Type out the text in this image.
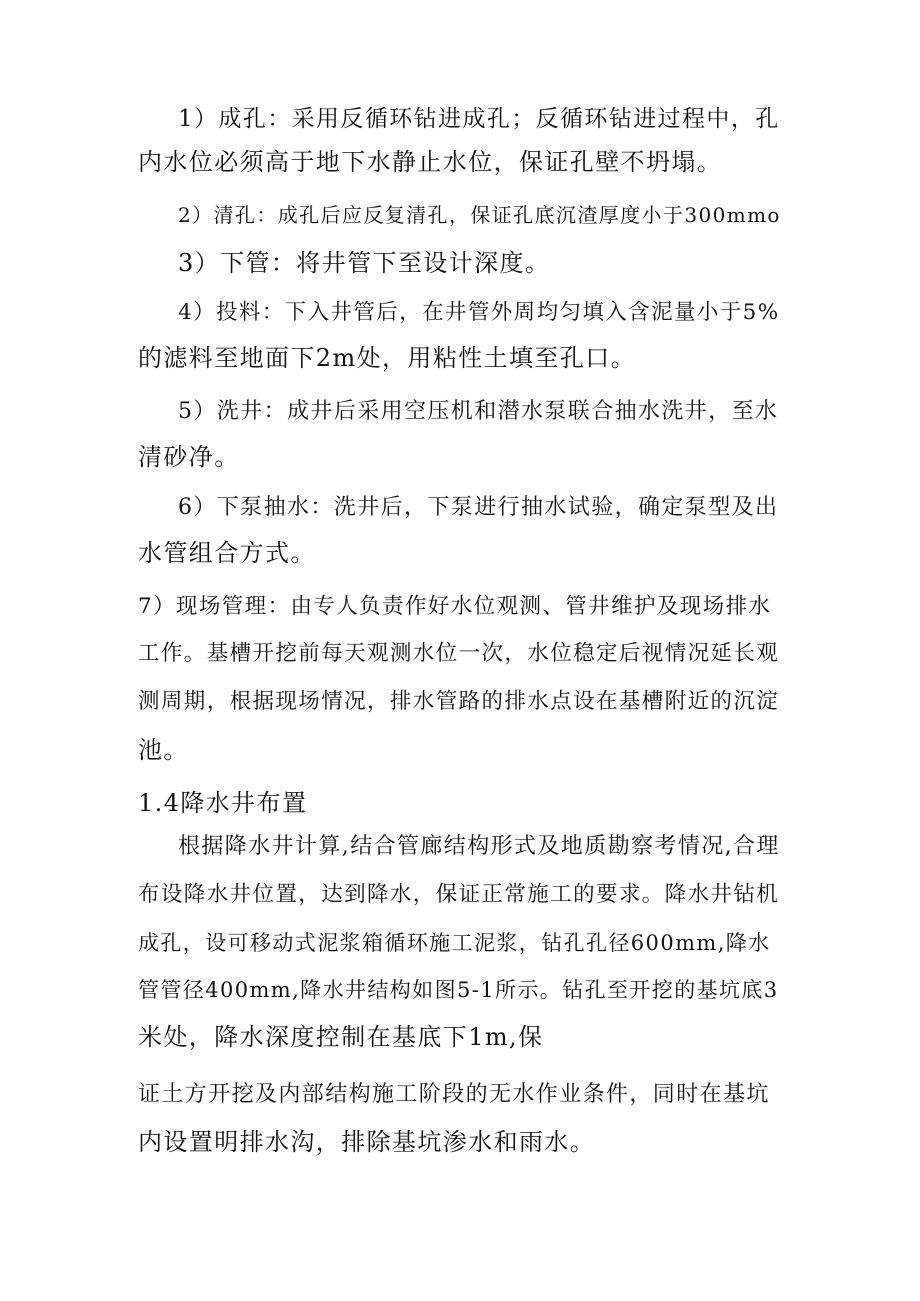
1）成孔：采用反循环钻进成孔；反循环钻进过程中，孔
内水位必须高于地下水静止水位，保证孔壁不坍塌。
2）清孔：成孔后应反复清孔，保证孔底沉渣厚度小于300mmo
3）下管：将井管下至设计深度。
4）投料：下入井管后，在井管外周均匀填入含泥量小于5%
的滤料至地面下2m处，用粘性土填至孔口。
5）洗井：成井后采用空压机和潜水泵联合抽水洗井，至水
清砂净。
6）下泵抽水：洗井后，下泵进行抽水试验，确定泵型及出
水管组合方式。
7）现场管理：由专人负责作好水位观测、管井维护及现场排水
工作。基槽开挖前每天观测水位一次，水位稳定后视情况延长观
测周期，根据现场情况，排水管路的排水点设在基槽附近的沉淀
池。
1.4降水井布置
根据降水井计算,结合管廊结构形式及地质勘察考情况,合理
布设降水井位置，达到降水，保证正常施工的要求。降水井钻机
成孔，设可移动式泥浆箱循环施工泥浆，钻孔孔径600mm,降水
管管径400mm,降水井结构如图5-1所示。钻孔至开挖的基坑底3
米处，降水深度控制在基底下1m,保
证土方开挖及内部结构施工阶段的无水作业条件，同时在基坑
内设置明排水沟，排除基坑渗水和雨水。
